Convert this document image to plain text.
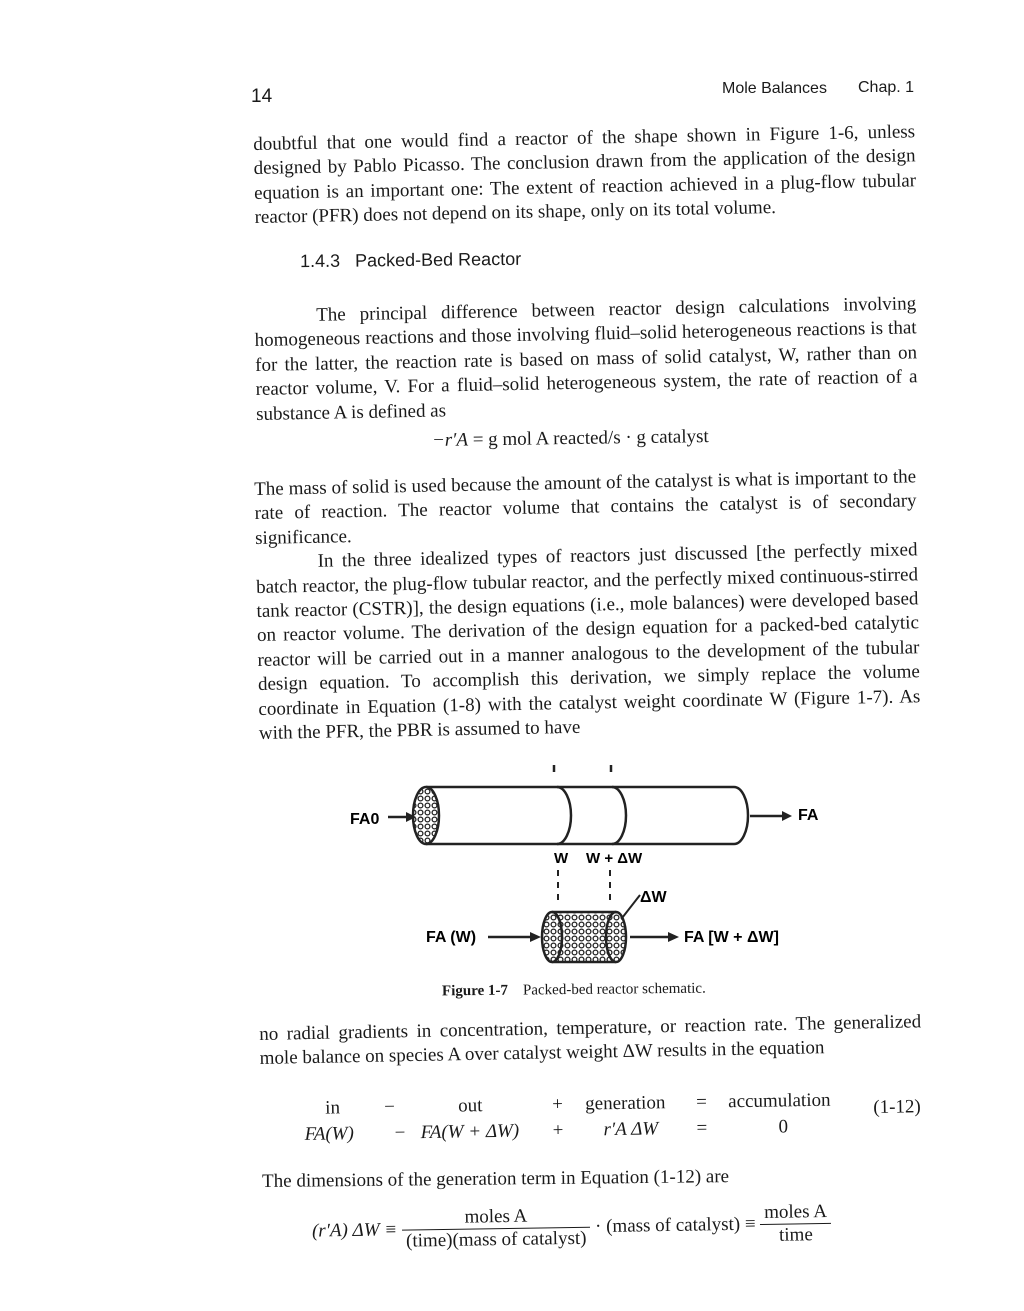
14	Mole Balances Chap. 1

doubtful that one would find a reactor of the shape shown in Figure 1-6, unless designed by Pablo Picasso. The conclusion drawn from the application of the design equation is an important one: The extent of reaction achieved in a plug-flow tubular reactor (PFR) does not depend on its shape, only on its total volume.

1.4.3 Packed-Bed Reactor

The principal difference between reactor design calculations involving homogeneous reactions and those involving fluid–solid heterogeneous reactions is that for the latter, the reaction rate is based on mass of solid catalyst, W, rather than on reactor volume, V. For a fluid–solid heterogeneous system, the rate of reaction of a substance A is defined as

−r′A = g mol A reacted/s · g catalyst

The mass of solid is used because the amount of the catalyst is what is important to the rate of reaction. The reactor volume that contains the catalyst is of secondary significance.

In the three idealized types of reactors just discussed [the perfectly mixed batch reactor, the plug-flow tubular reactor, and the perfectly mixed continuous-stirred tank reactor (CSTR)], the design equations (i.e., mole balances) were developed based on reactor volume. The derivation of the design equation for a packed-bed catalytic reactor will be carried out in a manner analogous to the development of the tubular design equation. To accomplish this derivation, we simply replace the volume coordinate in Equation (1-8) with the catalyst weight coordinate W (Figure 1-7). As with the PFR, the PBR is assumed to have

FA0	FA
W W + ΔW
ΔW
FA (W)	FA [W + ΔW]
Figure 1-7 Packed-bed reactor schematic.

no radial gradients in concentration, temperature, or reaction rate. The generalized mole balance on species A over catalyst weight ΔW results in the equation

in −	out	+ generation = accumulation
FA(W) − FA(W + ΔW) + r′A ΔW =	0
(1-12)

The dimensions of the generation term in Equation (1-12) are

(r′A) $\Delta W \equiv \frac{\text{moles A}}{\text{(time)(mass of catalyst)}}$ · (mass of catalyst) ≡ $\frac{\text{moles A}}{\text{time}}$
